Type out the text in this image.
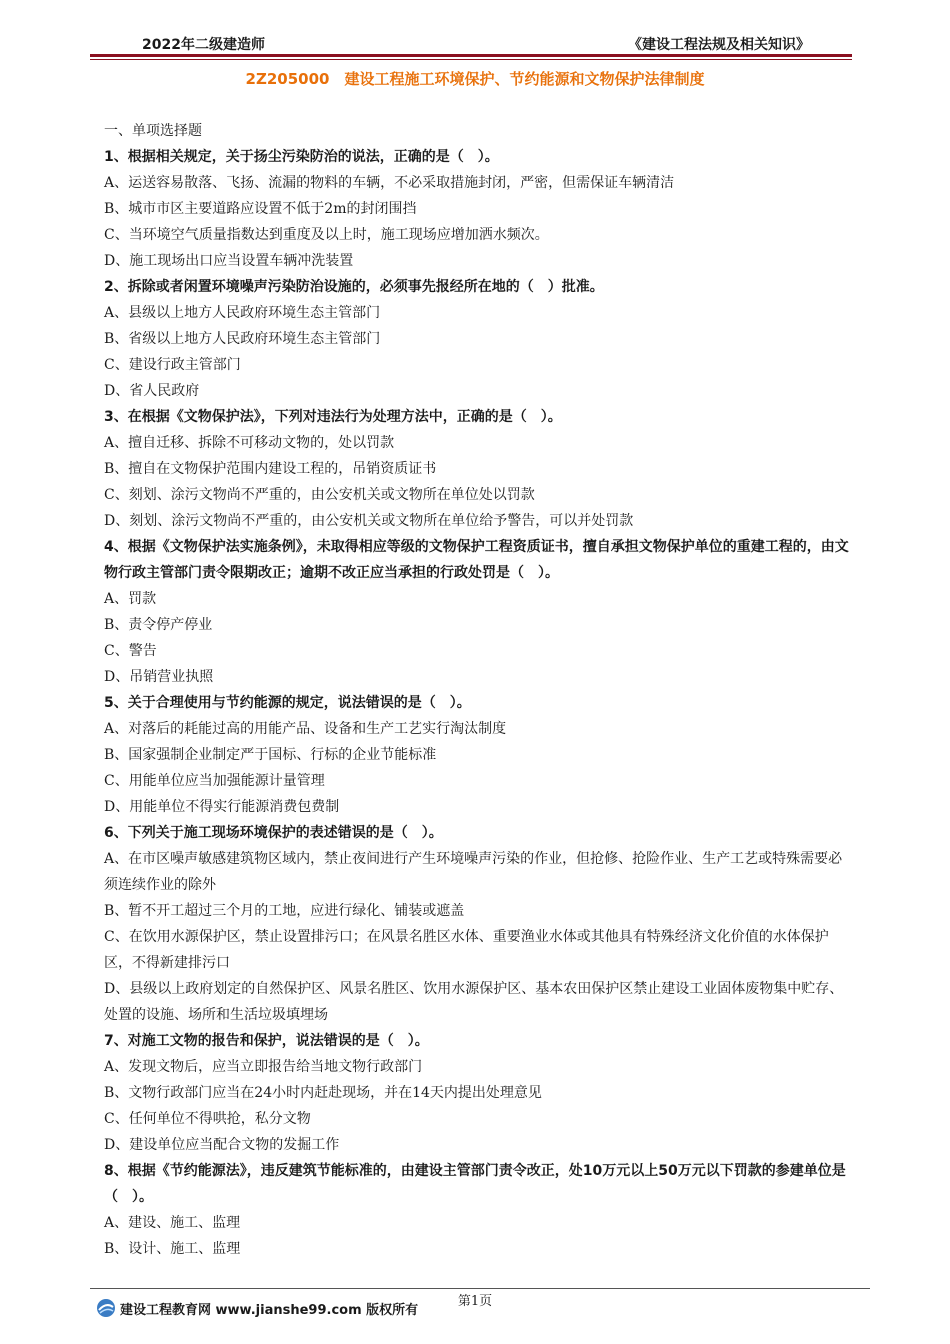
2022年二级建造师	《建设工程法规及相关知识》
2Z205000　建设工程施工环境保护、节约能源和文物保护法律制度
一、单项选择题
1、根据相关规定，关于扬尘污染防治的说法，正确的是（　）。
A、运送容易散落、飞扬、流漏的物料的车辆，不必采取措施封闭，严密，但需保证车辆清洁
B、城市市区主要道路应设置不低于2m的封闭围挡
C、当环境空气质量指数达到重度及以上时，施工现场应增加洒水频次。
D、施工现场出口应当设置车辆冲洗装置
2、拆除或者闲置环境噪声污染防治设施的，必须事先报经所在地的（　）批准。
A、县级以上地方人民政府环境生态主管部门
B、省级以上地方人民政府环境生态主管部门
C、建设行政主管部门
D、省人民政府
3、在根据《文物保护法》，下列对违法行为处理方法中，正确的是（　）。
A、擅自迁移、拆除不可移动文物的，处以罚款
B、擅自在文物保护范围内建设工程的，吊销资质证书
C、刻划、涂污文物尚不严重的，由公安机关或文物所在单位处以罚款
D、刻划、涂污文物尚不严重的，由公安机关或文物所在单位给予警告，可以并处罚款
4、根据《文物保护法实施条例》，未取得相应等级的文物保护工程资质证书，擅自承担文物保护单位的重建工程的，由文物行政主管部门责令限期改正；逾期不改正应当承担的行政处罚是（　）。
A、罚款
B、责令停产停业
C、警告
D、吊销营业执照
5、关于合理使用与节约能源的规定，说法错误的是（　）。
A、对落后的耗能过高的用能产品、设备和生产工艺实行淘汰制度
B、国家强制企业制定严于国标、行标的企业节能标准
C、用能单位应当加强能源计量管理
D、用能单位不得实行能源消费包费制
6、下列关于施工现场环境保护的表述错误的是（　）。
A、在市区噪声敏感建筑物区域内，禁止夜间进行产生环境噪声污染的作业，但抢修、抢险作业、生产工艺或特殊需要必须连续作业的除外
B、暂不开工超过三个月的工地，应进行绿化、铺装或遮盖
C、在饮用水源保护区，禁止设置排污口；在风景名胜区水体、重要渔业水体或其他具有特殊经济文化价值的水体保护区，不得新建排污口
D、县级以上政府划定的自然保护区、风景名胜区、饮用水源保护区、基本农田保护区禁止建设工业固体废物集中贮存、处置的设施、场所和生活垃圾填埋场
7、对施工文物的报告和保护，说法错误的是（　）。
A、发现文物后，应当立即报告给当地文物行政部门
B、文物行政部门应当在24小时内赶赴现场，并在14天内提出处理意见
C、任何单位不得哄抢，私分文物
D、建设单位应当配合文物的发掘工作
8、根据《节约能源法》，违反建筑节能标准的，由建设主管部门责令改正，处10万元以上50万元以下罚款的参建单位是（　）。
A、建设、施工、监理
B、设计、施工、监理
第1页
建设工程教育网 www.jianshe99.com 版权所有
